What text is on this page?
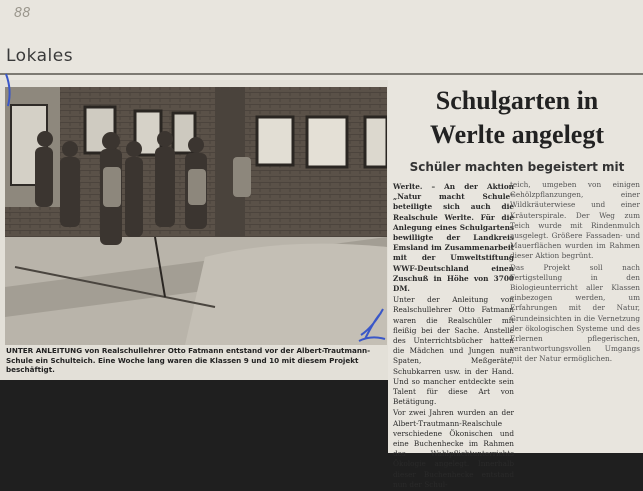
88
Lokales
UNTER ANLEITUNG von Realschullehrer Otto Fatmann entstand vor der Albert-Trautmann-Schule ein Schulteich. Eine Woche lang waren die Klassen 9 und 10 mit diesem Projekt beschäftigt.
Schulgarten in
Werlte angelegt
Schüler machten begeistert mit

Werlte. – An der Aktion „Natur macht Schule" beteiligte sich auch die Realschule Werlte. Für die Anlegung eines Schulgartens bewilligte der Landkreis Emsland im Zusammenarbeit mit der Umweltstiftung WWF-Deutschland einen Zuschuß in Höhe von 3700 DM.

Unter der Anleitung von Realschullehrer Otto Fatmann waren die Realschüler mit fleißig bei der Sache. Anstelle des Unterrichtsbücher hatten die Mädchen und Jungen nun Spaten, Meßgeräte, Schubkarren usw. in der Hand. Und so mancher entdeckte sein Talent für diese Art von Betätigung.

Vor zwei Jahren wurden an der Albert-Trautmann-Realschule verschiedene Ökonischen und eine Buchenhecke im Rahmen des Wahlpflichtunterrichts Ökologie angelegt. Innerhalb dieser Buchenhecke entstand nun der Schul-

teich, umgeben von einigen Gehölzpflanzungen, einer Wildkräuterwiese und einer Kräuterspirale. Der Weg zum Teich wurde mit Rindenmulch ausgelegt. Größere Fassaden- und Mauerflächen wurden im Rahmen dieser Aktion begrünt.

Das Projekt soll nach Fertigstellung in den Biologieunterricht aller Klassen einbezogen werden, um Erfahrungen mit der Natur, Grundeinsichten in die Vernetzung der ökologischen Systeme und des Erlernen pflegerischen, verantwortungsvollen Umgangs mit der Natur ermöglichen.
